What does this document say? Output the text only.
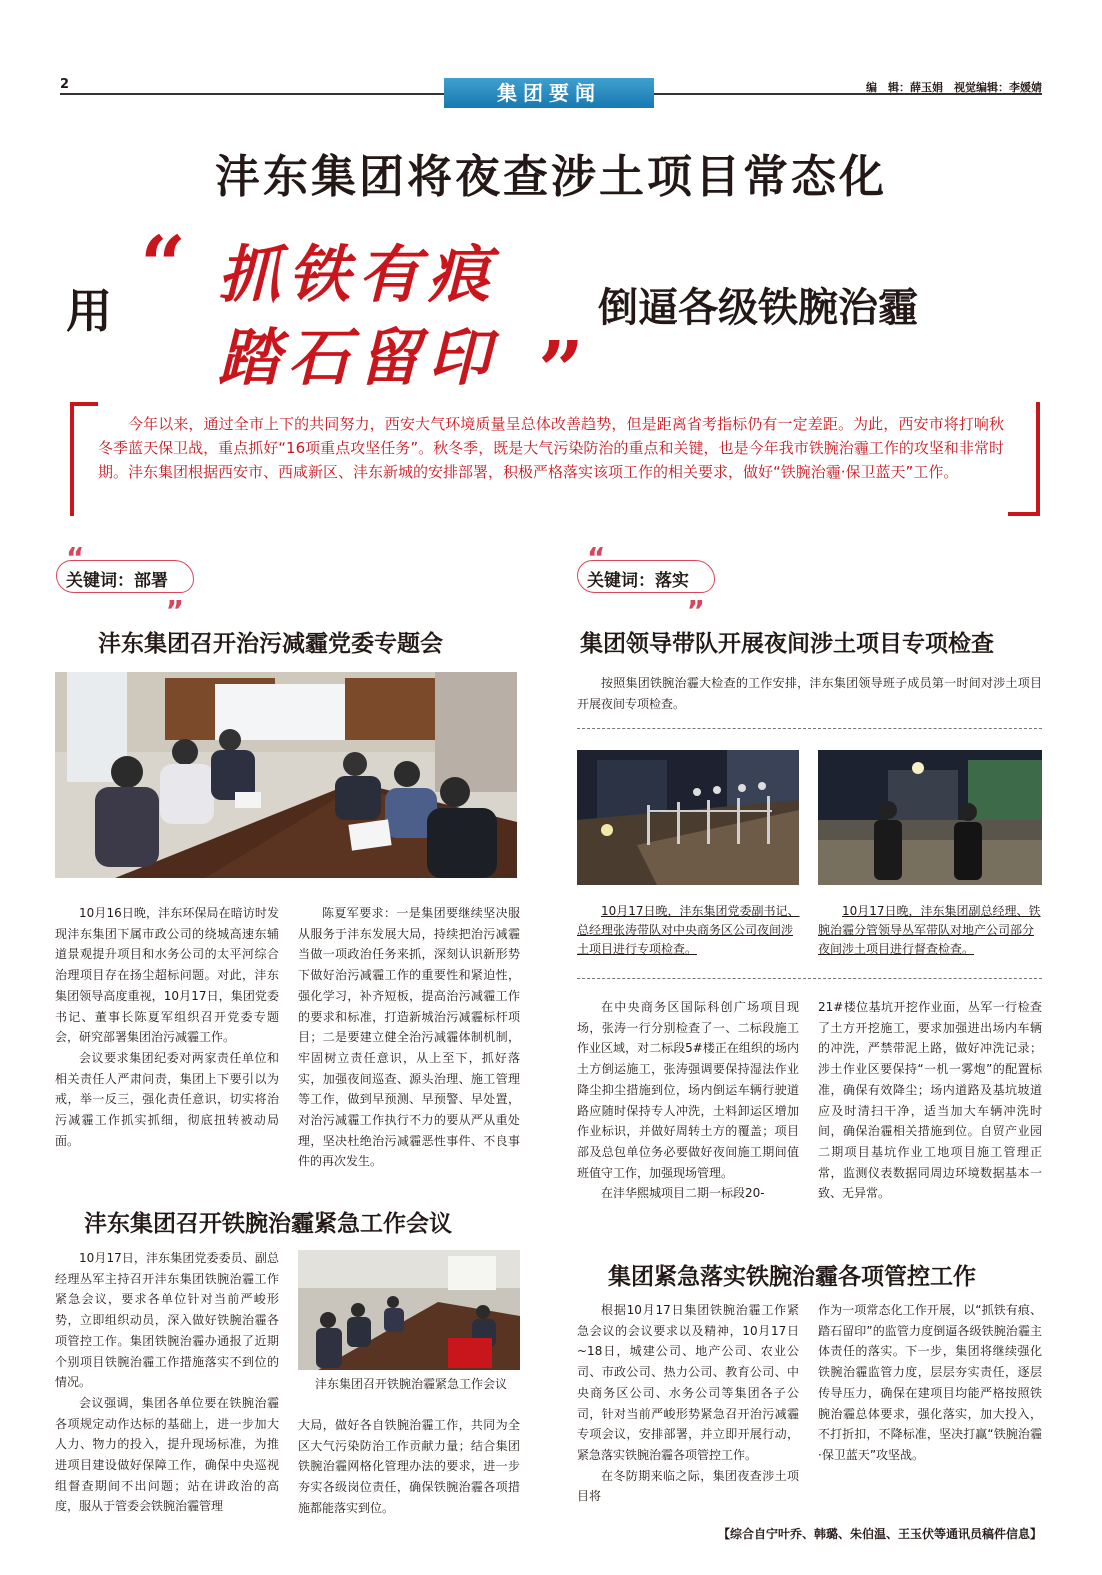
2	集团要闻	编　辑：薛玉娟　视觉编辑：李媛婧
沣东集团将夜查涉土项目常态化
用 “ 抓铁有痕
踏石留印 ”
倒逼各级铁腕治霾
今年以来，通过全市上下的共同努力，西安大气环境质量呈总体改善趋势，但是距离省考指标仍有一定差距。为此，西安市将打响秋冬季蓝天保卫战，重点抓好“16项重点攻坚任务”。秋冬季，既是大气污染防治的重点和关键，也是今年我市铁腕治霾工作的攻坚和非常时期。沣东集团根据西安市、西咸新区、沣东新城的安排部署，积极严格落实该项工作的相关要求，做好“铁腕治霾·保卫蓝天”工作。
“
”
关键词：部署
沣东集团召开治污减霾党委专题会

10月16日晚，沣东环保局在暗访时发现沣东集团下属市政公司的绕城高速东辅道景观提升项目和水务公司的太平河综合治理项目存在扬尘超标问题。对此，沣东集团领导高度重视，10月17日，集团党委书记、董事长陈夏军组织召开党委专题会，研究部署集团治污减霾工作。

会议要求集团纪委对两家责任单位和相关责任人严肃问责，集团上下要引以为戒，举一反三，强化责任意识，切实将治污减霾工作抓实抓细，彻底扭转被动局面。

陈夏军要求：一是集团要继续坚决服从服务于沣东发展大局，持续把治污减霾当做一项政治任务来抓，深刻认识新形势下做好治污减霾工作的重要性和紧迫性，强化学习，补齐短板，提高治污减霾工作的要求和标准，打造新城治污减霾标杆项目；二是要建立健全治污减霾体制机制，牢固树立责任意识，从上至下，抓好落实，加强夜间巡查、源头治理、施工管理等工作，做到早预测、早预警、早处置，对治污减霾工作执行不力的要从严从重处理，坚决杜绝治污减霾恶性事件、不良事件的再次发生。

沣东集团召开铁腕治霾紧急工作会议

10月17日，沣东集团党委委员、副总经理丛军主持召开沣东集团铁腕治霾工作紧急会议，要求各单位针对当前严峻形势，立即组织动员，深入做好铁腕治霾各项管控工作。集团铁腕治霾办通报了近期个别项目铁腕治霾工作措施落实不到位的情况。

会议强调，集团各单位要在铁腕治霾各项规定动作达标的基础上，进一步加大人力、物力的投入，提升现场标准，为推进项目建设做好保障工作，确保中央巡视组督查期间不出问题；站在讲政治的高度，服从于管委会铁腕治霾管理

沣东集团召开铁腕治霾紧急工作会议
大局，做好各自铁腕治霾工作，共同为全区大气污染防治工作贡献力量；结合集团铁腕治霾网格化管理办法的要求，进一步夯实各级岗位责任，确保铁腕治霾各项措施都能落实到位。
“
”
关键词：落实
集团领导带队开展夜间涉土项目专项检查

按照集团铁腕治霾大检查的工作安排，沣东集团领导班子成员第一时间对涉土项目开展夜间专项检查。

10月17日晚，沣东集团党委副书记、总经理张涛带队对中央商务区公司夜间涉土项目进行专项检查。
10月17日晚，沣东集团副总经理、铁腕治霾分管领导丛军带队对地产公司部分夜间涉土项目进行督查检查。

在中央商务区国际科创广场项目现场，张涛一行分别检查了一、二标段施工作业区域，对二标段5#楼正在组织的场内土方倒运施工，张涛强调要保持湿法作业降尘抑尘措施到位，场内倒运车辆行驶道路应随时保持专人冲洗，土料卸运区增加作业标识，并做好周转土方的覆盖；项目部及总包单位务必要做好夜间施工期间值班值守工作，加强现场管理。

在沣华熙城项目二期一标段20-

21#楼位基坑开挖作业面，丛军一行检查了土方开挖施工，要求加强进出场内车辆的冲洗，严禁带泥上路，做好冲洗记录；涉土作业区要保持“一机一雾炮”的配置标准，确保有效降尘；场内道路及基坑坡道应及时清扫干净，适当加大车辆冲洗时间，确保治霾相关措施到位。自贸产业园二期项目基坑作业工地项目施工管理正常，监测仪表数据同周边环境数据基本一致、无异常。
集团紧急落实铁腕治霾各项管控工作

根据10月17日集团铁腕治霾工作紧急会议的会议要求以及精神，10月17日~18日，城建公司、地产公司、农业公司、市政公司、热力公司、教育公司、中央商务区公司、水务公司等集团各子公司，针对当前严峻形势紧急召开治污减霾专项会议，安排部署，并立即开展行动，紧急落实铁腕治霾各项管控工作。

在冬防期来临之际，集团夜查涉土项目将

作为一项常态化工作开展，以“抓铁有痕、踏石留印”的监管力度倒逼各级铁腕治霾主体责任的落实。下一步，集团将继续强化铁腕治霾监管力度，层层夯实责任，逐层传导压力，确保在建项目均能严格按照铁腕治霾总体要求，强化落实，加大投入，不打折扣，不降标准，坚决打赢“铁腕治霾·保卫蓝天”攻坚战。
【综合自宁叶乔、韩璐、朱伯温、王玉伏等通讯员稿件信息】
